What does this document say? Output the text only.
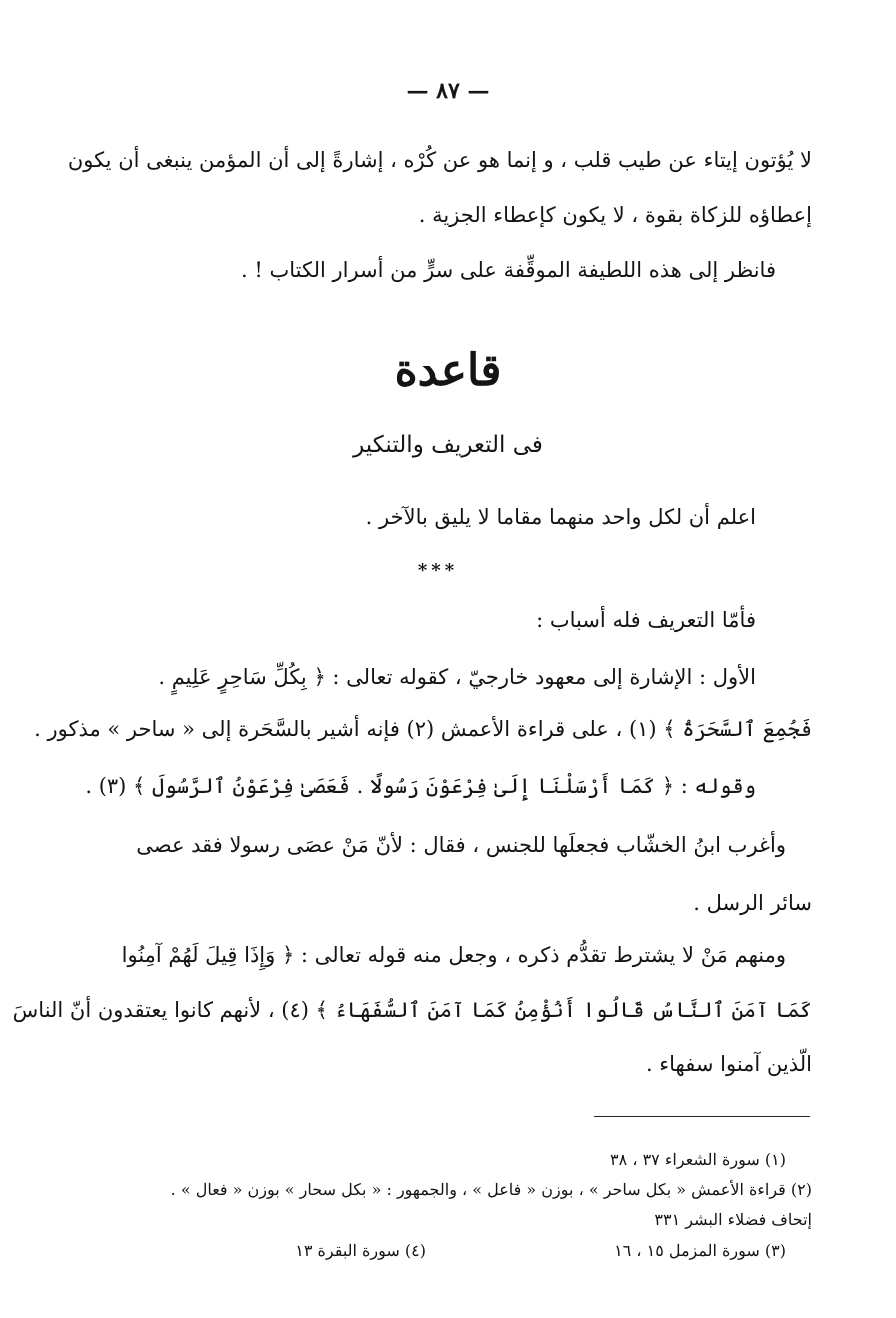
— ٨٧ —
لا يُؤتون إيتاء عن طيب قلب ، و إنما هو عن كُرْه ، إشارةً إلى أن المؤمن ينبغى أن يكون
إعطاؤه للزكاة بقوة ، لا يكون كإعطاء الجزية .
فانظر إلى هذه اللطيفة الموقِّفة على سرٍّ من أسرار الكتاب ! .
قاعدة
فى التعريف والتنكير
اعلم أن لكل واحد منهما مقاما لا يليق بالآخر .
***
فأمّا التعريف فله أسباب :
الأول : الإشارة إلى معهود خارجيّ ، كقوله تعالى : ﴿ بِكُلِّ سَاحِرٍ عَلِيمٍ .
فَجُمِعَ ٱلسَّحَرَةُ ﴾ (١) ، على قراءة الأعمش (٢) فإنه أشير بالسَّحَرة إلى « ساحر » مذكور .
وقوله : ﴿ كَمَا أَرْسَلْنَا إِلَىٰ فِرْعَوْنَ رَسُولًا . فَعَصَىٰ فِرْعَوْنُ ٱلرَّسُولَ ﴾ (٣) .
وأغرب ابنُ الخشّاب فجعلَها للجنس ، فقال : لأنّ مَنْ عصَى رسولا فقد عصى
سائر الرسل .
ومنهم مَنْ لا يشترط تقدُّم ذكره ، وجعل منه قوله تعالى : ﴿ وَإِذَا قِيلَ لَهُمْ آمِنُوا
كَمَا آمَنَ ٱلنَّاسُ قَالُوا أَنُؤْمِنُ كَمَا آمَنَ ٱلسُّفَهَاءُ ﴾ (٤) ، لأنهم كانوا يعتقدون أنّ الناسَ
الّذين آمنوا سفهاء .
(١) سورة الشعراء ٣٧ ، ٣٨
(٢) قراءة الأعمش « بكل ساحر » ، بوزن « فاعل » ، والجمهور : « بكل سحار » بوزن « فعال » .
إتحاف فضلاء البشر ٣٣١
(٣) سورة المزمل ١٥ ، ١٦
(٤) سورة البقرة ١٣
